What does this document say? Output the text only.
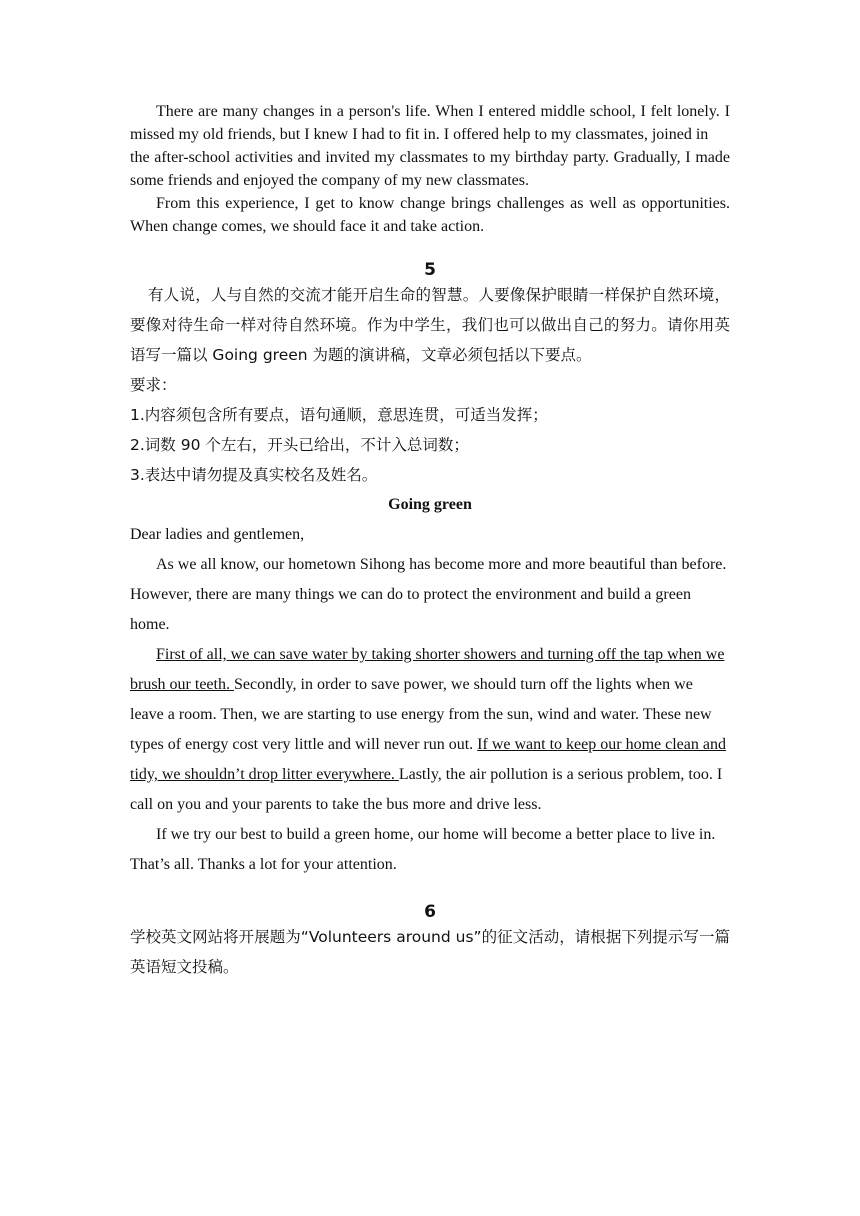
There are many changes in a person's life. When I entered middle school, I felt lonely. I missed my old friends, but I knew I had to fit in. I offered help to my classmates, joined in

the after-school activities and invited my classmates to my birthday party. Gradually, I made some friends and enjoyed the company of my new classmates.

From this experience, I get to know change brings challenges as well as opportunities. When change comes, we should face it and take action.

5

有人说，人与自然的交流才能开启生命的智慧。人要像保护眼睛一样保护自然环境，要像对待生命一样对待自然环境。作为中学生，我们也可以做出自己的努力。请你用英语写一篇以 Going green 为题的演讲稿，文章必须包括以下要点。

要求：

1.内容须包含所有要点，语句通顺，意思连贯，可适当发挥；

2.词数 90 个左右，开头已给出，不计入总词数；

3.表达中请勿提及真实校名及姓名。

Going green

Dear ladies and gentlemen,

As we all know, our hometown Sihong has become more and more beautiful than before. However, there are many things we can do to protect the environment and build a green home.

First of all, we can save water by taking shorter showers and turning off the tap when we brush our teeth. Secondly, in order to save power, we should turn off the lights when we leave a room. Then, we are starting to use energy from the sun, wind and water. These new types of energy cost very little and will never run out. If we want to keep our home clean and tidy, we shouldn’t drop litter everywhere. Lastly, the air pollution is a serious problem, too. I call on you and your parents to take the bus more and drive less.

If we try our best to build a green home, our home will become a better place to live in. That’s all. Thanks a lot for your attention.

6

学校英文网站将开展题为“Volunteers around us”的征文活动，请根据下列提示写一篇英语短文投稿。
